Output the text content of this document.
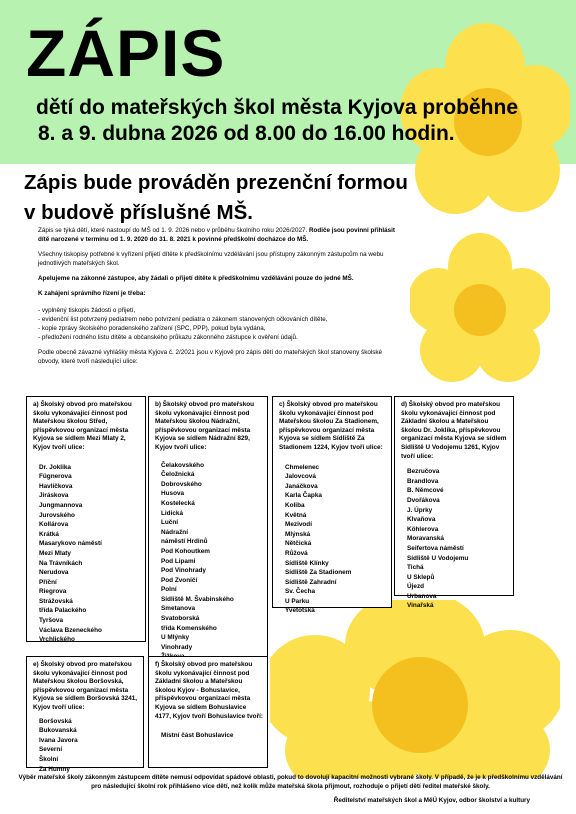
ZÁPIS
dětí do mateřských škol města Kyjova proběhne
8. a 9. dubna 2026 od 8.00 do 16.00 hodin.
Zápis bude prováděn prezenční formou
v budově příslušné MŠ.

Zápis se týká dětí, které nastoupí do MŠ od 1. 9. 2026 nebo v průběhu školního roku 2026/2027. Rodiče jsou povinni přihlásit dítě narozené v termínu od 1. 9. 2020 do 31. 8. 2021 k povinné předškolní docházce do MŠ.

Všechny tiskopisy potřebné k vyřízení přijetí dítěte k předškolnímu vzdělávání jsou přístupny zákonným zástupcům na webu jednotlivých mateřských škol.

Apelujeme na zákonné zástupce, aby žádali o přijetí dítěte k předškolnímu vzdělávání pouze do jedné MŠ.

K zahájení správního řízení je třeba:

- vyplněný tiskopis žádosti o přijetí,
- evidenční list potvrzený pediatrem nebo potvrzení pediatra o zákonem stanovených očkováních dítěte,
- kopie zprávy školského poradenského zařízení (SPC, PPP), pokud byla vydána,
- předložení rodného listu dítěte a občanského průkazu zákonného zástupce k ověření údajů.

Podle obecně závazné vyhlášky města Kyjova č. 2/2021 jsou v Kyjově pro zápis dětí do mateřských škol stanoveny školské obvody, které tvoří následující ulice:

a) Školský obvod pro mateřskou školu vykonávající činnost pod Mateřskou školou Střed, příspěvkovou organizací města Kyjova se sídlem Mezi Mlaty 2, Kyjov tvoří ulice:
Dr. Joklika
Fügnerova
Havlíčkova
Jiráskova
Jungmannova
Jurovského
Kollárova
Krátká
Masarykovo náměstí
Mezi Mlaty
Na Trávníkách
Nerudova
Příční
Riegrova
Strážovská
třída Palackého
Tyršova
Václava Bzeneckého
Vrchlického
b) Školský obvod pro mateřskou školu vykonávající činnost pod Mateřskou školou Nádražní, příspěvkovou organizací města Kyjova se sídlem Nádražní 829, Kyjov tvoří ulice:
Čelakovského
Čeložnická
Dobrovského
Husova
Kostelecká
Lidická
Luční
Nádražní
náměstí Hrdinů
Pod Kohoutkem
Pod Lipami
Pod Vinohrady
Pod Zvoničí
Polní
Sídliště M. Švabinského
Smetanova
Svatoborská
třída Komenského
U Mlýnky
Vinohrady
c) Školský obvod pro mateřskou školu vykonávající činnost pod Mateřskou školou Za Stadionem, příspěvkovou organizací města Kyjova se sídlem Sídliště Za Stadionem 1224, Kyjov tvoří ulice:
Chmelenec
Jalovcová
Janáčkova
Karla Čapka
Koliba
Květná
Mezivodí
Mlýnská
Nětčická
Růžová
Sídliště Klínky
Sídliště Za Stadionem
Sídliště Zahradní
Sv. Čecha
U Parku
Yvetotská
d) Školský obvod pro mateřskou školu vykonávající činnost pod Základní školou a Mateřskou školou Dr. Joklíka, příspěvkovou organizací města Kyjova se sídlem Sídliště U Vodojemu 1261, Kyjov tvoří ulice:
Bezručova
Brandlova
B. Němcové
Dvořákova
J. Úprky
Klvaňova
Köhlerova
Moravanská
Seifertova náměstí
Sídliště U Vodojemu
Tichá
U Sklepů
Újezd
Urbanova
Vinařská
e) Školský obvod pro mateřskou školu vykonávající činnost pod Mateřskou školou Boršovská, příspěvkovou organizací města Kyjova se sídlem Boršovská 3241, Kyjov tvoří ulice:
Boršovská
Bukovanská
Ivana Javora
Severní
Školní
Za Humny
f) Školský obvod pro mateřskou školu vykonávající činnost pod Základní školou a Mateřskou školou Kyjov - Bohuslavice, příspěvkovou organizací města Kyjova se sídlem Bohuslavice 4177, Kyjov tvoří Bohuslavice tvoří:
Místní část Bohuslavice
Výběr mateřské školy zákonným zástupcem dítěte nemusí odpovídat spádové oblasti, pokud to dovolují kapacitní možnosti vybrané školy. V případě, že je k předškolnímu vzdělávání pro následující školní rok přihlášeno více dětí, než kolik může mateřská škola přijmout, rozhoduje o přijetí dětí ředitel mateřské školy.
Ředitelství mateřských škol a MěÚ Kyjov, odbor školství a kultury
